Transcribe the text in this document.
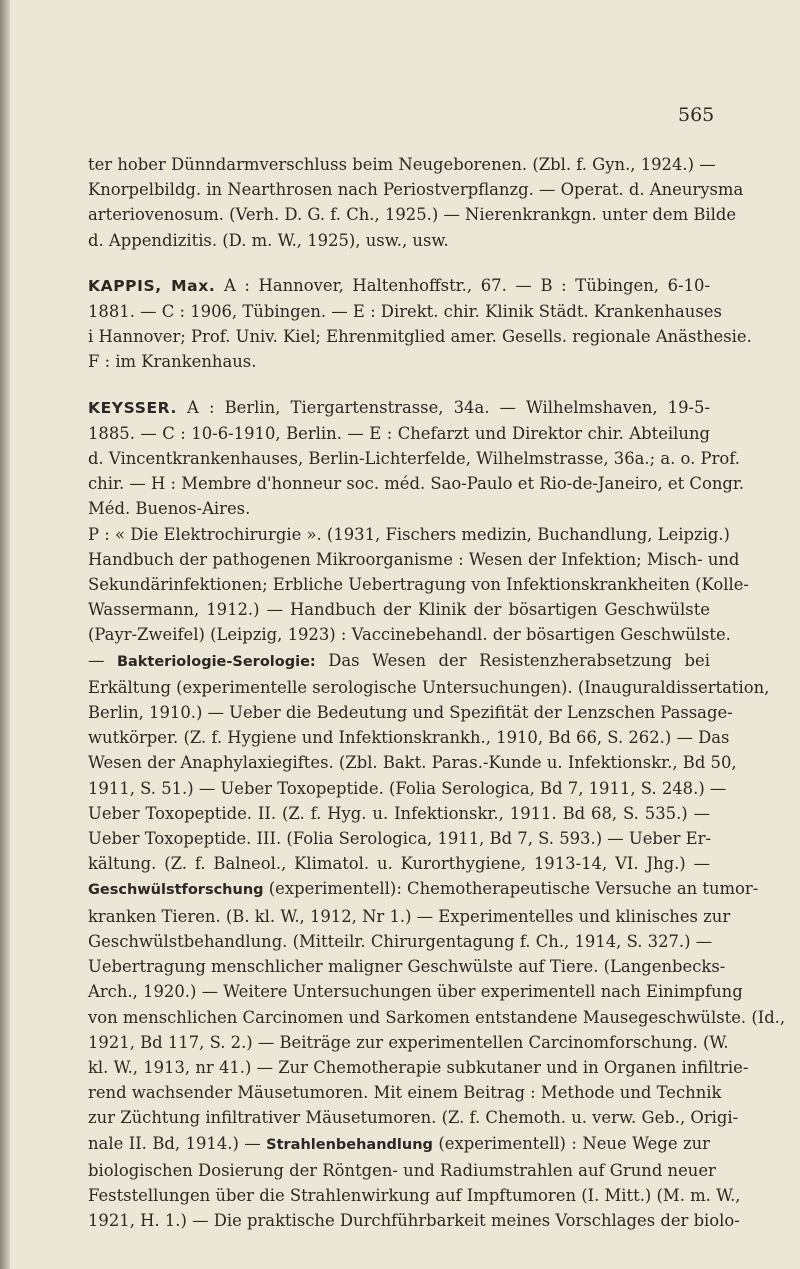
565
ter hober Dünndarmverschluss beim Neugeborenen. (Zbl. f. Gyn., 1924.) —
Knorpelbildg. in Nearthrosen nach Periostverpflanzg. — Operat. d. Aneurysma
arteriovenosum. (Verh. D. G. f. Ch., 1925.) — Nierenkrankgn. unter dem Bilde
d. Appendizitis. (D. m. W., 1925), usw., usw.
KAPPIS, Max. A : Hannover, Haltenhoffstr., 67. — B : Tübingen, 6-10-
1881. — C : 1906, Tübingen. — E : Direkt. chir. Klinik Städt. Krankenhauses
i Hannover; Prof. Univ. Kiel; Ehrenmitglied amer. Gesells. regionale Anästhesie.
F : im Krankenhaus.
KEYSSER. A : Berlin, Tiergartenstrasse, 34a. — Wilhelmshaven, 19-5-
1885. — C : 10-6-1910, Berlin. — E : Chefarzt und Direktor chir. Abteilung
d. Vincentkrankenhauses, Berlin-Lichterfelde, Wilhelmstrasse, 36a.; a. o. Prof.
chir. — H : Membre d'honneur soc. méd. Sao-Paulo et Rio-de-Janeiro, et Congr.
Méd. Buenos-Aires.
P : « Die Elektrochirurgie ». (1931, Fischers medizin, Buchandlung, Leipzig.)
Handbuch der pathogenen Mikroorganisme : Wesen der Infektion; Misch- und
Sekundärinfektionen; Erbliche Uebertragung von Infektionskrankheiten (Kolle-
Wassermann, 1912.) — Handbuch der Klinik der bösartigen Geschwülste
(Payr-Zweifel) (Leipzig, 1923) : Vaccinebehandl. der bösartigen Geschwülste.
— Bakteriologie-Serologie: Das Wesen der Resistenzherabsetzung bei
Erkältung (experimentelle serologische Untersuchungen). (Inauguraldissertation,
Berlin, 1910.) — Ueber die Bedeutung und Spezifität der Lenzschen Passage-
wutkörper. (Z. f. Hygiene und Infektionskrankh., 1910, Bd 66, S. 262.) — Das
Wesen der Anaphylaxiegiftes. (Zbl. Bakt. Paras.-Kunde u. Infektionskr., Bd 50,
1911, S. 51.) — Ueber Toxopeptide. (Folia Serologica, Bd 7, 1911, S. 248.) —
Ueber Toxopeptide. II. (Z. f. Hyg. u. Infektionskr., 1911. Bd 68, S. 535.) —
Ueber Toxopeptide. III. (Folia Serologica, 1911, Bd 7, S. 593.) — Ueber Er-
kältung. (Z. f. Balneol., Klimatol. u. Kurorthygiene, 1913-14, VI. Jhg.) —
Geschwülstforschung (experimentell): Chemotherapeutische Versuche an tumor-
kranken Tieren. (B. kl. W., 1912, Nr 1.) — Experimentelles und klinisches zur
Geschwülstbehandlung. (Mitteilr. Chirurgentagung f. Ch., 1914, S. 327.) —
Uebertragung menschlicher maligner Geschwülste auf Tiere. (Langenbecks-
Arch., 1920.) — Weitere Untersuchungen über experimentell nach Einimpfung
von menschlichen Carcinomen und Sarkomen entstandene Mausegeschwülste. (Id.,
1921, Bd 117, S. 2.) — Beiträge zur experimentellen Carcinomforschung. (W.
kl. W., 1913, nr 41.) — Zur Chemotherapie subkutaner und in Organen infiltrie-
rend wachsender Mäusetumoren. Mit einem Beitrag : Methode und Technik
zur Züchtung infiltrativer Mäusetumoren. (Z. f. Chemoth. u. verw. Geb., Origi-
nale II. Bd, 1914.) — Strahlenbehandlung (experimentell) : Neue Wege zur
biologischen Dosierung der Röntgen- und Radiumstrahlen auf Grund neuer
Feststellungen über die Strahlenwirkung auf Impftumoren (I. Mitt.) (M. m. W.,
1921, H. 1.) — Die praktische Durchführbarkeit meines Vorschlages der biolo-
